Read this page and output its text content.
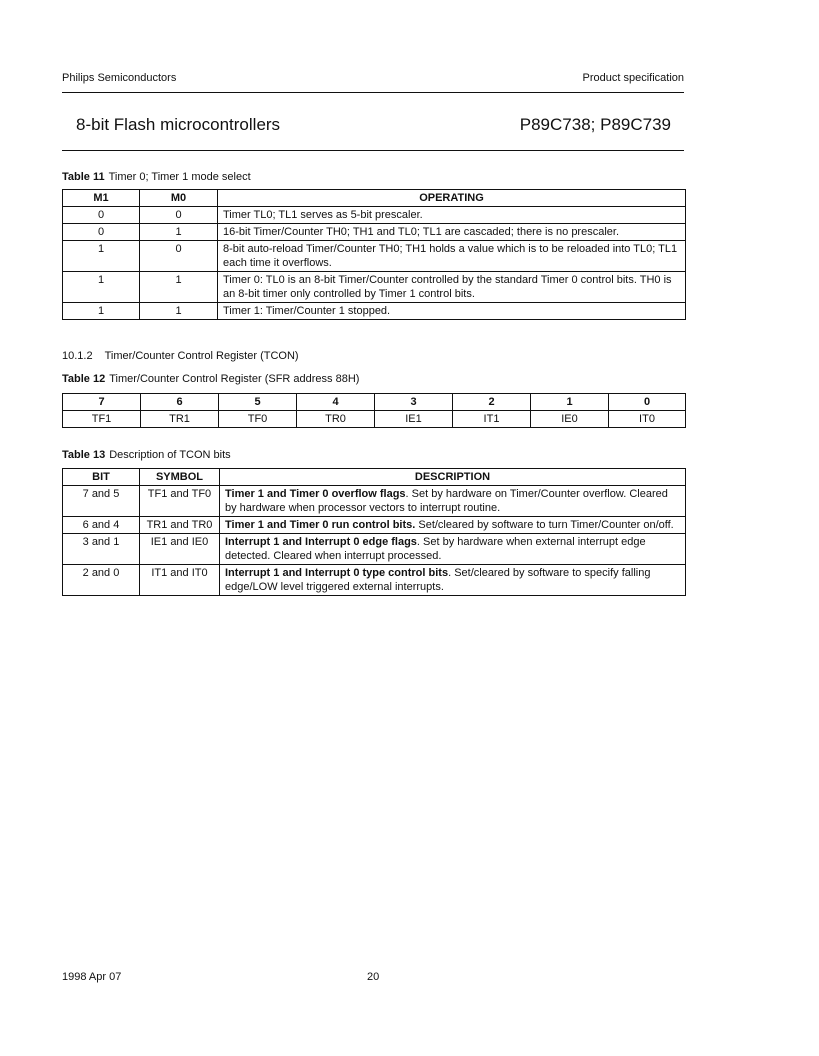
Philips Semiconductors	Product specification
8-bit Flash microcontrollers	P89C738; P89C739
Table 11 Timer 0; Timer 1 mode select
M1	M0	OPERATING
0	0	Timer TL0; TL1 serves as 5-bit prescaler.
0	1	16-bit Timer/Counter TH0; TH1 and TL0; TL1 are cascaded; there is no prescaler.
1	0	8-bit auto-reload Timer/Counter TH0; TH1 holds a value which is to be reloaded into TL0; TL1 each time it overflows.
1	1	Timer 0: TL0 is an 8-bit Timer/Counter controlled by the standard Timer 0 control bits. TH0 is an 8-bit timer only controlled by Timer 1 control bits.
1	1	Timer 1: Timer/Counter 1 stopped.
10.1.2 Timer/Counter Control Register (TCON)
Table 12 Timer/Counter Control Register (SFR address 88H)
7	6	5	4	3	2	1	0
TF1	TR1	TF0	TR0	IE1	IT1	IE0	IT0
Table 13 Description of TCON bits
BIT	SYMBOL	DESCRIPTION
7 and 5	TF1 and TF0	Timer 1 and Timer 0 overflow flags. Set by hardware on Timer/Counter overflow. Cleared by hardware when processor vectors to interrupt routine.
6 and 4	TR1 and TR0	Timer 1 and Timer 0 run control bits. Set/cleared by software to turn Timer/Counter on/off.
3 and 1	IE1 and IE0	Interrupt 1 and Interrupt 0 edge flags. Set by hardware when external interrupt edge detected. Cleared when interrupt processed.
2 and 0	IT1 and IT0	Interrupt 1 and Interrupt 0 type control bits. Set/cleared by software to specify falling edge/LOW level triggered external interrupts.
1998 Apr 07	20
